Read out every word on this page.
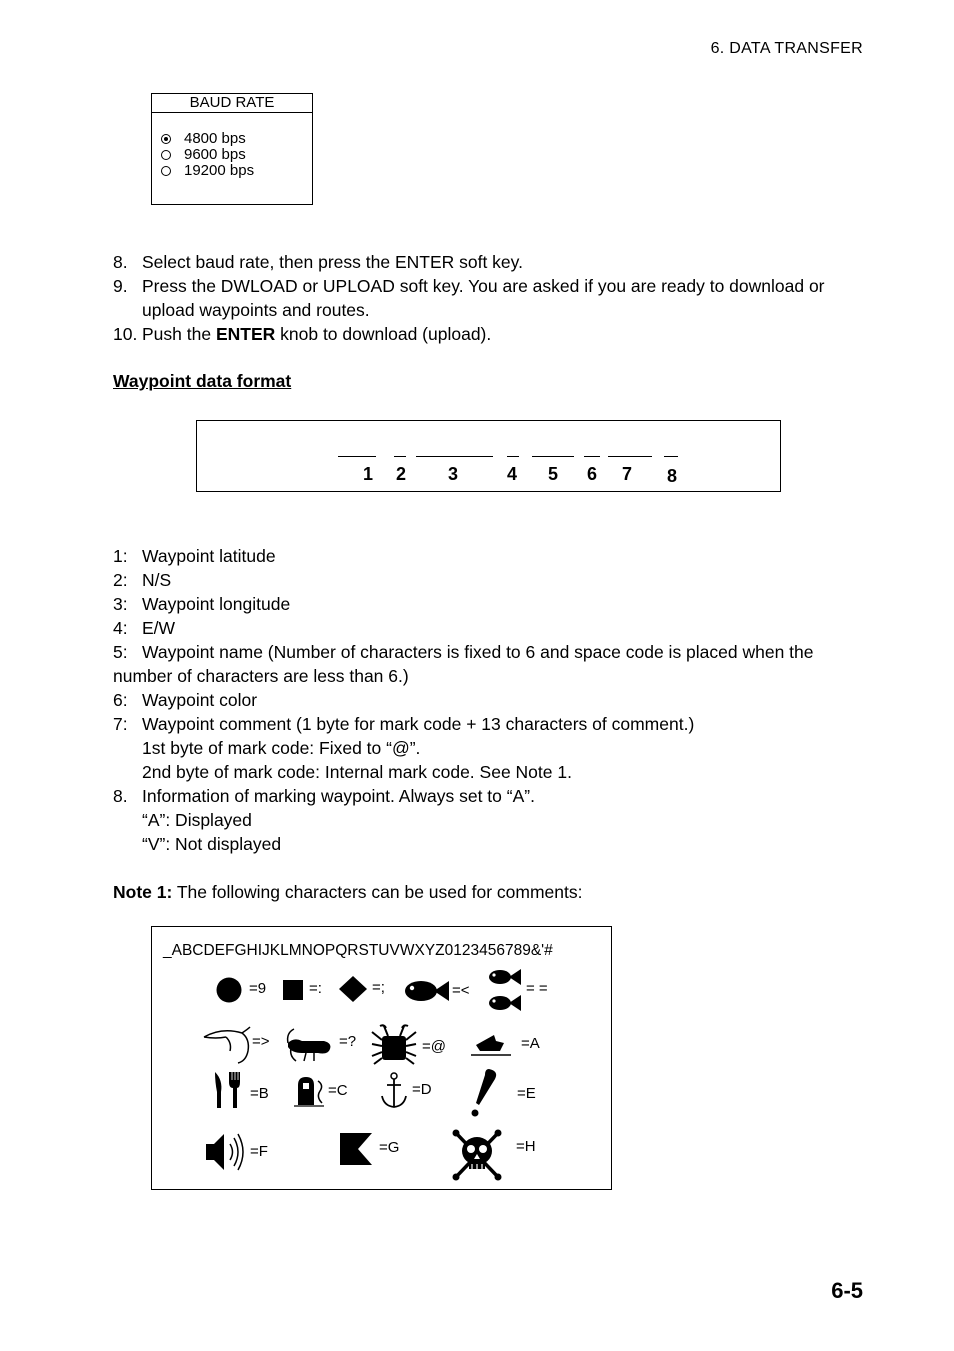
6. DATA TRANSFER
6-5
BAUD RATE
4800 bps
9600 bps
19200 bps
8. Select baud rate, then press the ENTER soft key.
9. Press the DWLOAD or UPLOAD soft key. You are asked if you are ready to download or upload waypoints and routes.
10. Push the ENTER knob to download (upload).
Waypoint data format
1 2 3	4 5 6 7 8
1: Waypoint latitude
2: N/S
3: Waypoint longitude
4: E/W
5: Waypoint name (Number of characters is fixed to 6 and space code is placed when the
number of characters are less than 6.)
6: Waypoint color
7: Waypoint comment (1 byte for mark code + 13 characters of comment.)
1st byte of mark code: Fixed to “@”.
2nd byte of mark code: Internal mark code. See Note 1.
8. Information of marking waypoint. Always set to “A”.
“A”: Displayed
“V”: Not displayed
Note 1: The following characters can be used for comments:
_ABCDEFGHIJKLMNOPQRSTUVWXYZ0123456789&'#
=9	=:	=;	=<	= =
=>	=?	=@	=A
=B	=C	=D	=E
=F	=G	=H
